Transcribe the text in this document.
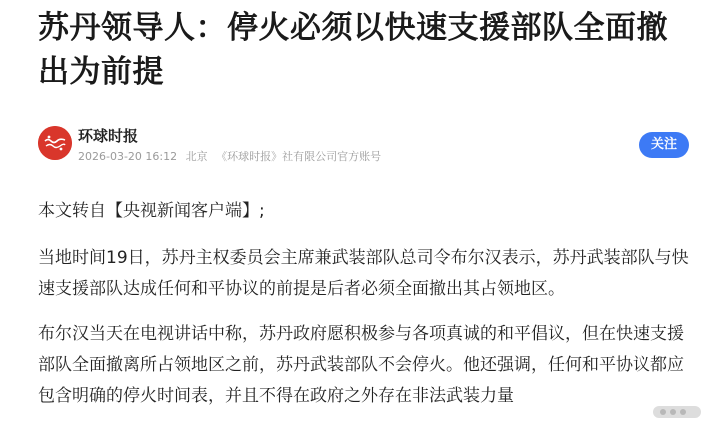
苏丹领导人：停火必须以快速支援部队全面撤出为前提
环球时报
2026-03-20 16:12 北京 《环球时报》社有限公司官方账号
关注

本文转自【央视新闻客户端】;

当地时间19日，苏丹主权委员会主席兼武装部队总司令布尔汉表示，苏丹武装部队与快速支援部队达成任何和平协议的前提是后者必须全面撤出其占领地区。

布尔汉当天在电视讲话中称，苏丹政府愿积极参与各项真诚的和平倡议，但在快速支援部队全面撤离所占领地区之前，苏丹武装部队不会停火。他还强调，任何和平协议都应包含明确的停火时间表，并且不得在政府之外存在非法武装力量
